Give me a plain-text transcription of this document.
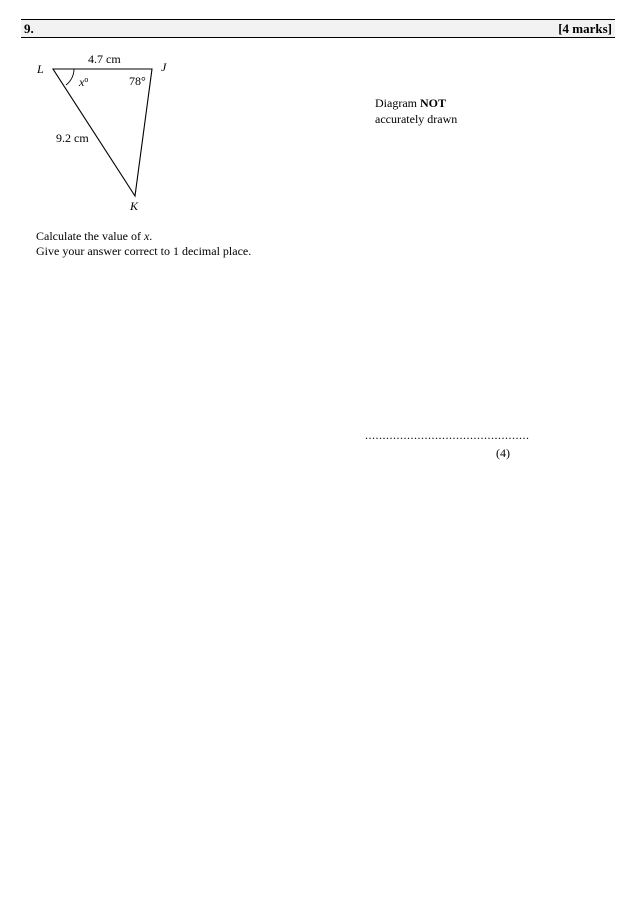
9.	[4 marks]
L	J
K
4.7 cm
9.2 cm
$x^o$	78°
Diagram NOT
accurately drawn
Calculate the value of x.
Give your answer correct to 1 decimal place.
...............................................
(4)
